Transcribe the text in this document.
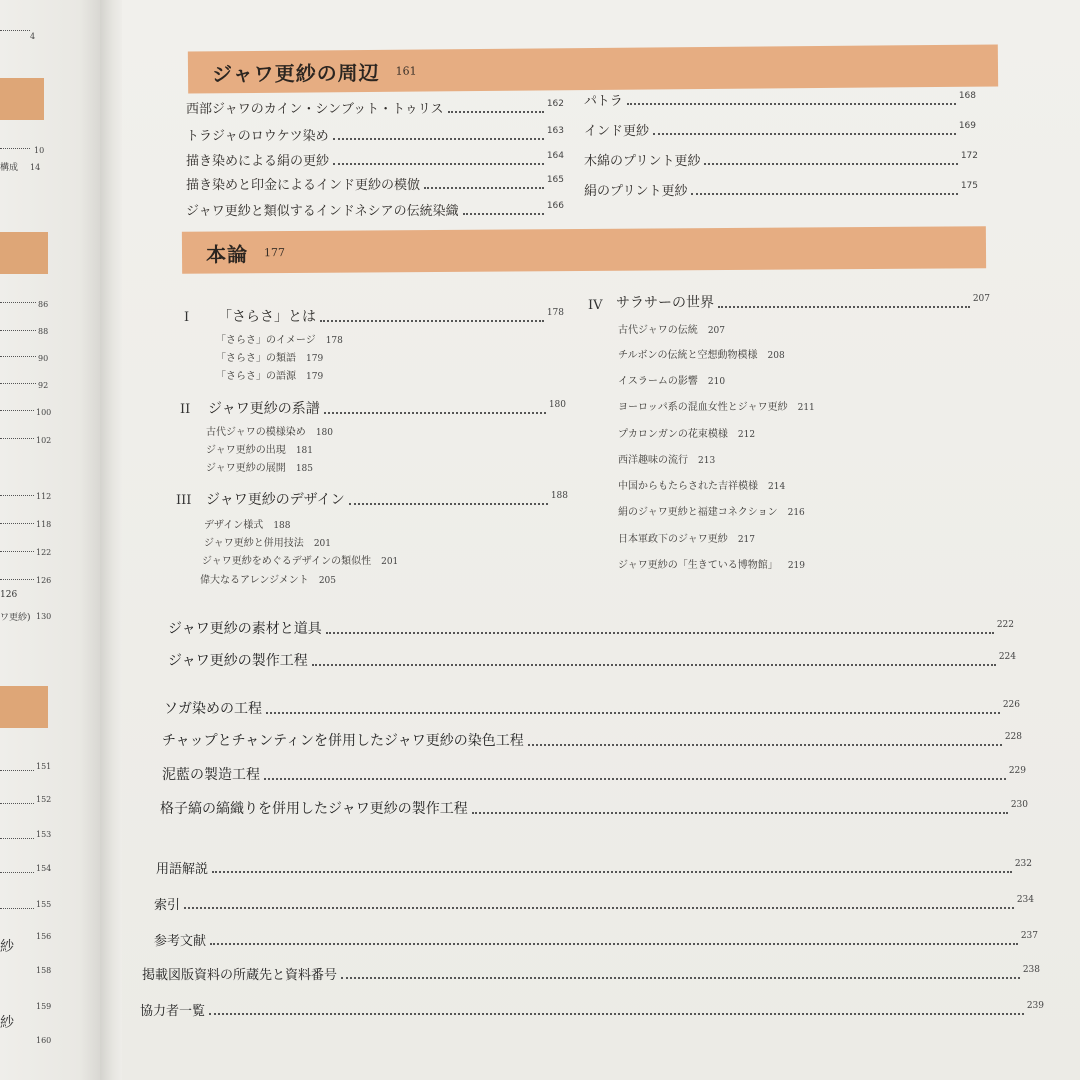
4
10
構成 14
86
88
90
92
100
102
112
118
122
126
126
ワ更紗) 130
151
152
153
154
155
紗
156
158
紗
159
160
ジャワ更紗の周辺 161
西部ジャワのカイン・シンブット・トゥリス	162
トラジャのロウケツ染め	163
描き染めによる絹の更紗	164
描き染めと印金によるインド更紗の模倣	165
ジャワ更紗と類似するインドネシアの伝統染織	166
パトラ	168
インド更紗	169
木綿のプリント更紗	172
絹のプリント更紗	175
本論 177
I 「さらさ」とは	178
「さらさ」のイメージ 178
「さらさ」の類語 179
「さらさ」の語源 179
II ジャワ更紗の系譜	180
古代ジャワの模様染め 180
ジャワ更紗の出現 181
ジャワ更紗の展開 185
III ジャワ更紗のデザイン	188
デザイン様式 188
ジャワ更紗と併用技法 201
ジャワ更紗をめぐるデザインの類似性 201
偉大なるアレンジメント 205
IV サラサーの世界	207
古代ジャワの伝統 207
チルボンの伝統と空想動物模様 208
イスラームの影響 210
ヨーロッパ系の混血女性とジャワ更紗 211
プカロンガンの花束模様 212
西洋趣味の流行 213
中国からもたらされた吉祥模様 214
絹のジャワ更紗と福建コネクション 216
日本軍政下のジャワ更紗 217
ジャワ更紗の「生きている博物館」 219
ジャワ更紗の素材と道具	222
ジャワ更紗の製作工程	224
ソガ染めの工程	226
チャップとチャンティンを併用したジャワ更紗の染色工程	228
泥藍の製造工程	229
格子縞の縞織りを併用したジャワ更紗の製作工程	230
用語解説	232
索引	234
参考文献	237
掲載図版資料の所蔵先と資料番号	238
協力者一覧	239
